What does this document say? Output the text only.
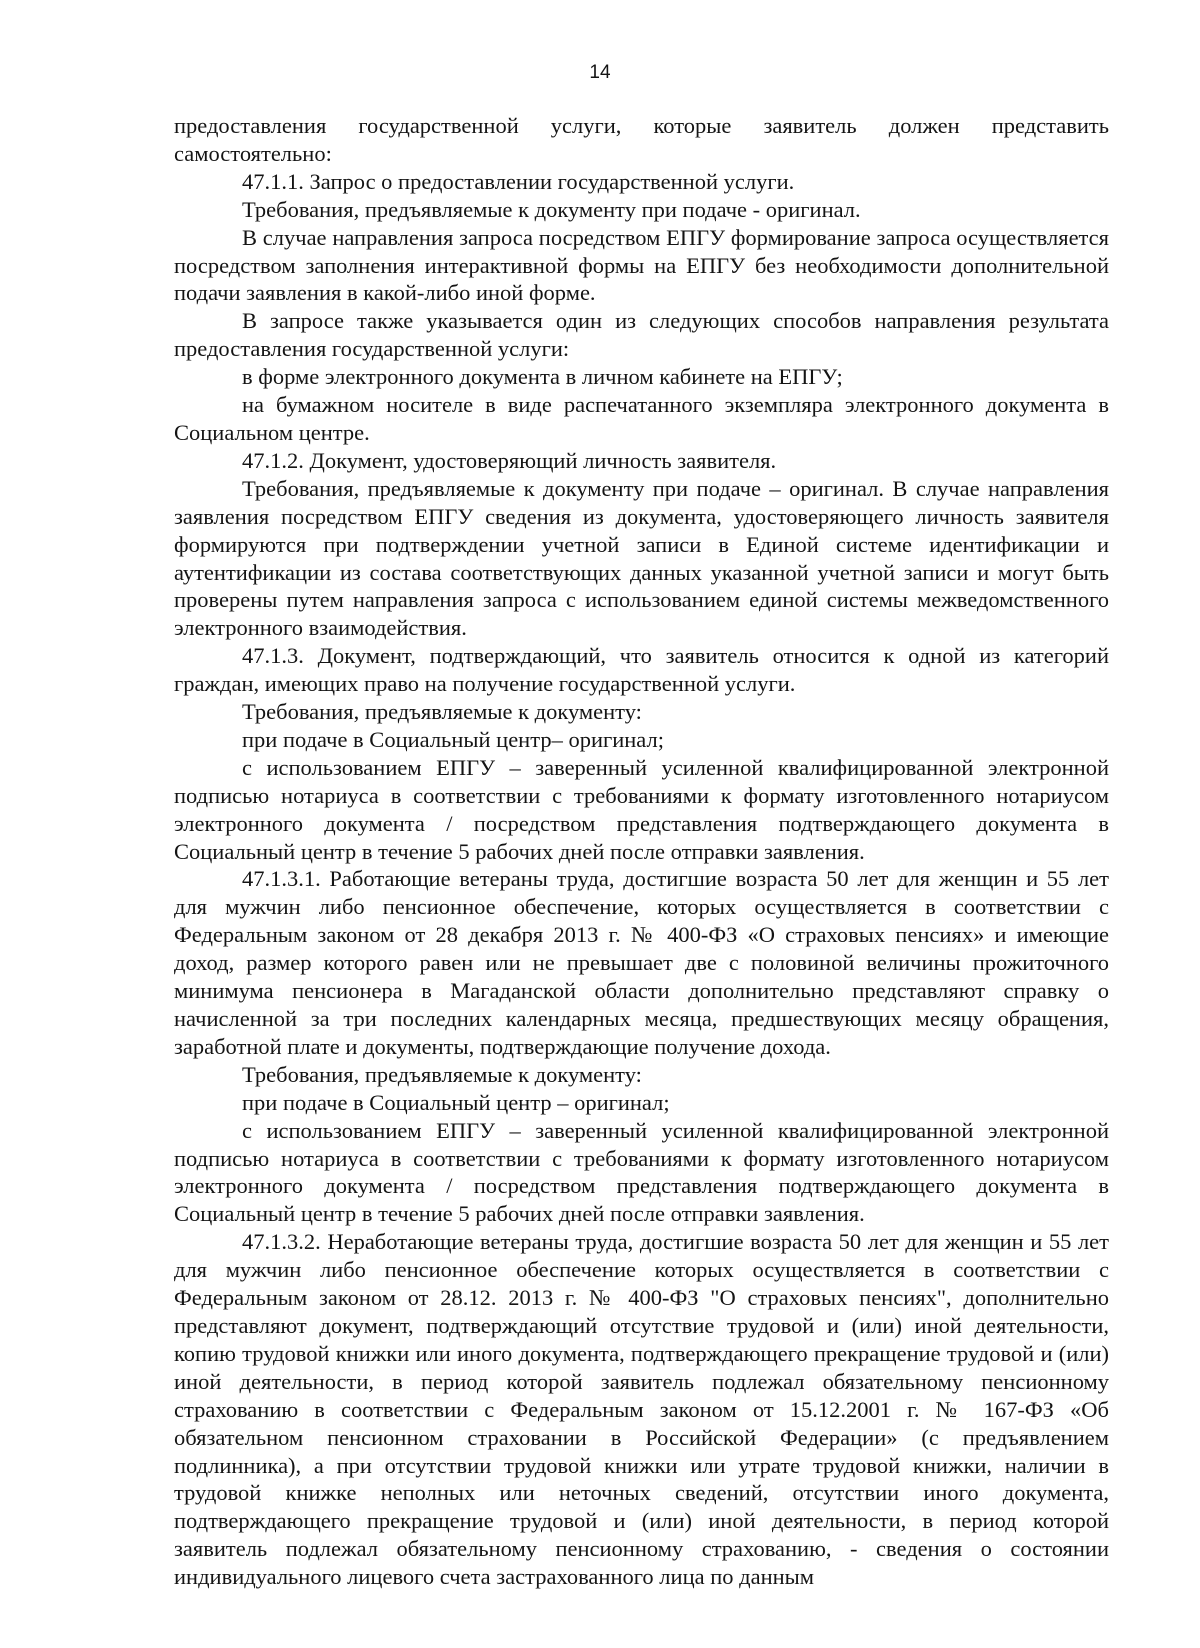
14

предоставления государственной услуги, которые заявитель должен представить самостоятельно:

47.1.1. Запрос о предоставлении государственной услуги.

Требования, предъявляемые к документу при подаче - оригинал.

В случае направления запроса посредством ЕПГУ формирование запроса осуществляется посредством заполнения интерактивной формы на ЕПГУ без необходимости дополнительной подачи заявления в какой-либо иной форме.

В запросе также указывается один из следующих способов направления результата предоставления государственной услуги:

в форме электронного документа в личном кабинете на ЕПГУ;

на бумажном носителе в виде распечатанного экземпляра электронного документа в Социальном центре.

47.1.2. Документ, удостоверяющий личность заявителя.

Требования, предъявляемые к документу при подаче – оригинал. В случае направления заявления посредством ЕПГУ сведения из документа, удостоверяющего личность заявителя формируются при подтверждении учетной записи в Единой системе идентификации и аутентификации из состава соответствующих данных указанной учетной записи и могут быть проверены путем направления запроса с использованием единой системы межведомственного электронного взаимодействия.

47.1.3. Документ, подтверждающий, что заявитель относится к одной из категорий граждан, имеющих право на получение государственной услуги.

Требования, предъявляемые к документу:

при подаче в Социальный центр– оригинал;

с использованием ЕПГУ – заверенный усиленной квалифицированной электронной подписью нотариуса в соответствии с требованиями к формату изготовленного нотариусом электронного документа / посредством представления подтверждающего документа в Социальный центр в течение 5 рабочих дней после отправки заявления.

47.1.3.1. Работающие ветераны труда, достигшие возраста 50 лет для женщин и 55 лет для мужчин либо пенсионное обеспечение, которых осуществляется в соответствии с Федеральным законом от 28 декабря 2013 г. № 400-ФЗ «О страховых пенсиях» и имеющие доход, размер которого равен или не превышает две с половиной величины прожиточного минимума пенсионера в Магаданской области дополнительно представляют справку о начисленной за три последних календарных месяца, предшествующих месяцу обращения, заработной плате и документы, подтверждающие получение дохода.

Требования, предъявляемые к документу:

при подаче в Социальный центр – оригинал;

с использованием ЕПГУ – заверенный усиленной квалифицированной электронной подписью нотариуса в соответствии с требованиями к формату изготовленного нотариусом электронного документа / посредством представления подтверждающего документа в Социальный центр в течение 5 рабочих дней после отправки заявления.

47.1.3.2. Неработающие ветераны труда, достигшие возраста 50 лет для женщин и 55 лет для мужчин либо пенсионное обеспечение которых осуществляется в соответствии с Федеральным законом от 28.12. 2013 г. № 400-ФЗ "О страховых пенсиях", дополнительно представляют документ, подтверждающий отсутствие трудовой и (или) иной деятельности, копию трудовой книжки или иного документа, подтверждающего прекращение трудовой и (или) иной деятельности, в период которой заявитель подлежал обязательному пенсионному страхованию в соответствии с Федеральным законом от 15.12.2001 г. № 167-ФЗ «Об обязательном пенсионном страховании в Российской Федерации» (с предъявлением подлинника), а при отсутствии трудовой книжки или утрате трудовой книжки, наличии в трудовой книжке неполных или неточных сведений, отсутствии иного документа, подтверждающего прекращение трудовой и (или) иной деятельности, в период которой заявитель подлежал обязательному пенсионному страхованию, - сведения о состоянии индивидуального лицевого счета застрахованного лица по данным
